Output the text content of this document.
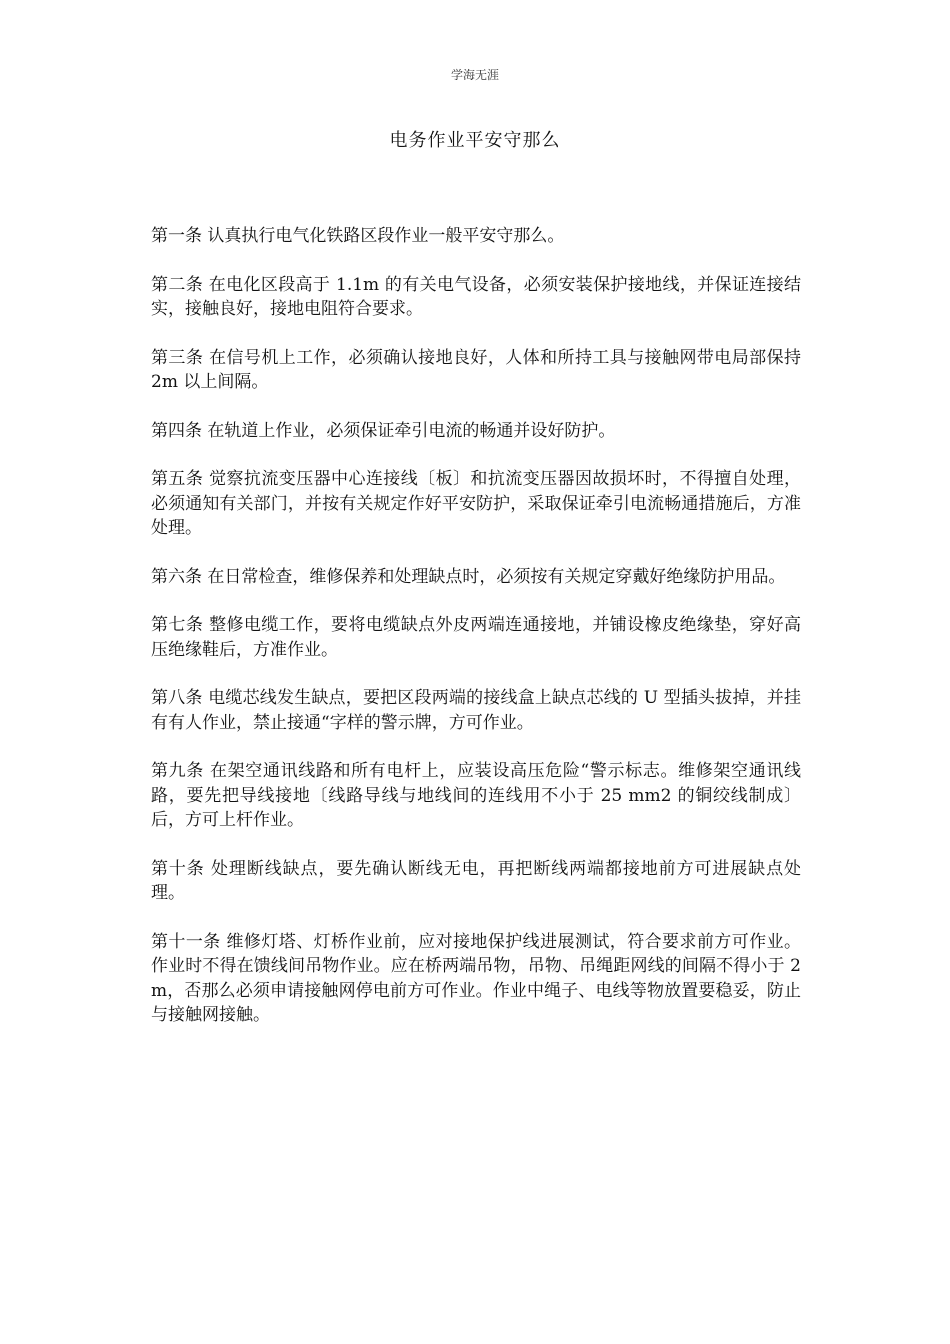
学海无涯
电务作业平安守那么

第一条 认真执行电气化铁路区段作业一般平安守那么。

第二条 在电化区段高于 1.1m 的有关电气设备，必须安装保护接地线，并保证连接结实，接触良好，接地电阻符合要求。

第三条 在信号机上工作，必须确认接地良好，人体和所持工具与接触网带电局部保持 2m 以上间隔。

第四条 在轨道上作业，必须保证牵引电流的畅通并设好防护。

第五条 觉察抗流变压器中心连接线〔板〕和抗流变压器因故损坏时，不得擅自处理，必须通知有关部门，并按有关规定作好平安防护，采取保证牵引电流畅通措施后，方准处理。

第六条 在日常检查，维修保养和处理缺点时，必须按有关规定穿戴好绝缘防护用品。

第七条 整修电缆工作，要将电缆缺点外皮两端连通接地，并铺设橡皮绝缘垫，穿好高压绝缘鞋后，方准作业。

第八条 电缆芯线发生缺点，要把区段两端的接线盒上缺点芯线的 U 型插头拔掉，并挂有有人作业，禁止接通“字样的警示牌，方可作业。

第九条 在架空通讯线路和所有电杆上，应装设高压危险“警示标志。维修架空通讯线路，要先把导线接地〔线路导线与地线间的连线用不小于 25 mm2 的铜绞线制成〕后，方可上杆作业。

第十条 处理断线缺点，要先确认断线无电，再把断线两端都接地前方可进展缺点处理。

第十一条 维修灯塔、灯桥作业前，应对接地保护线进展测试，符合要求前方可作业。作业时不得在馈线间吊物作业。应在桥两端吊物，吊物、吊绳距网线的间隔不得小于 2 m，否那么必须申请接触网停电前方可作业。作业中绳子、电线等物放置要稳妥，防止与接触网接触。
